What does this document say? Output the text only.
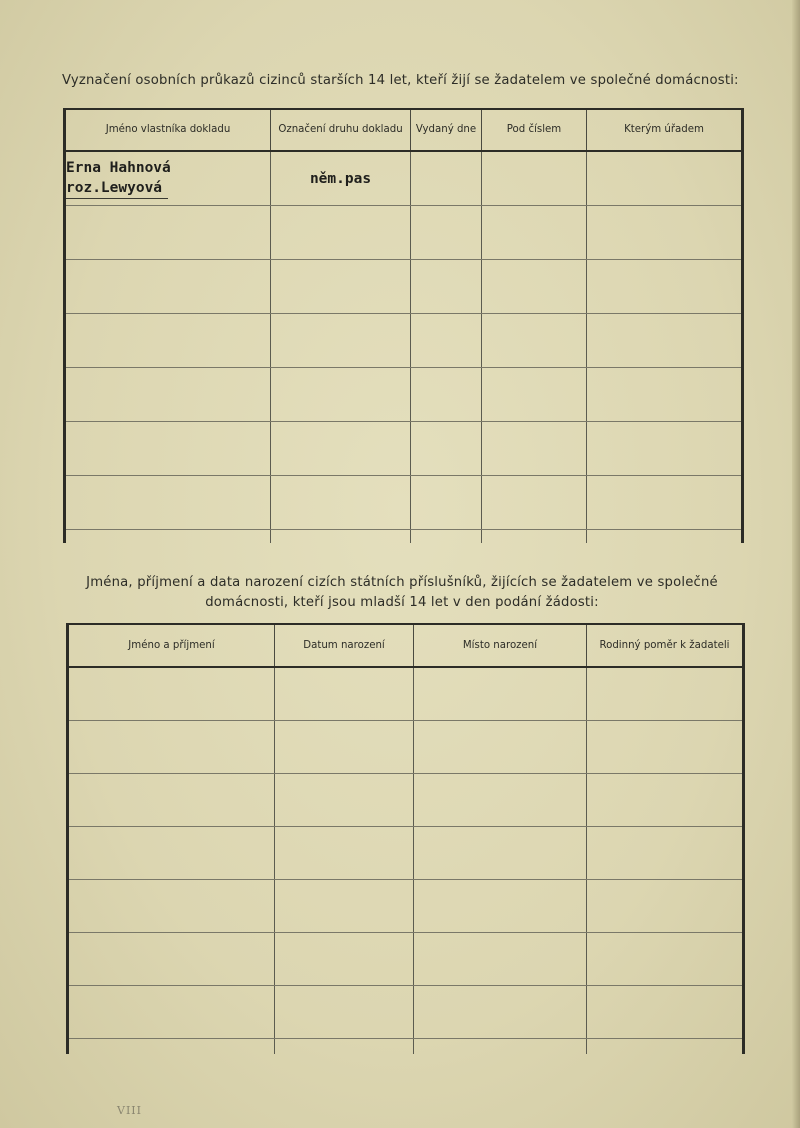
Vyznačení osobních průkazů cizinců starších 14 let, kteří žijí se žadatelem ve společné domácnosti:
Jméno vlastníka dokladu	Označení druhu dokladu	Vydaný dne	Pod číslem	Kterým úřadem

Erna Hahnová
roz.Lewyová	něm.pas			

Jména, příjmení a data narození cizích státních příslušníků, žijících se žadatelem ve společné domácnosti, kteří jsou mladší 14 let v den podání žádosti:
Jméno a příjmení	Datum narození	Místo narození	Rodinný poměr k žadateli

VIII
